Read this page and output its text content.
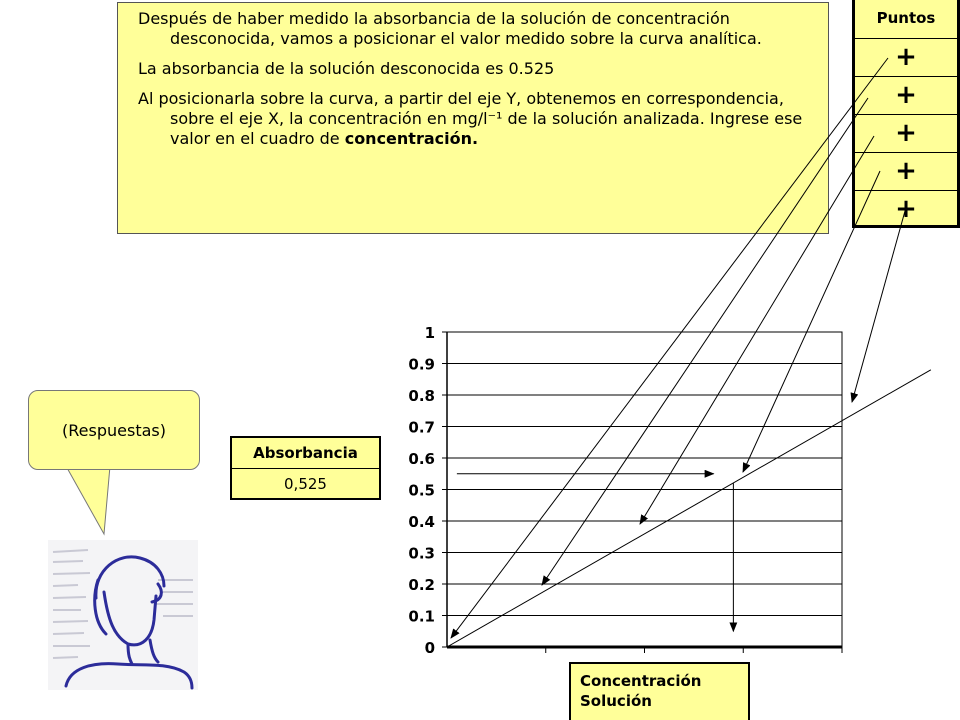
Después de haber medido la absorbancia de la solución de concentración desconocida, vamos a posicionar el valor medido sobre la curva analítica.

La absorbancia de la solución desconocida es 0.525

Al posicionarla sobre la curva, a partir del eje Y, obtenemos en correspondencia, sobre el eje X, la concentración en mg/l⁻¹ de la solución analizada. Ingrese ese valor en el cuadro de concentración.

Puntos
+
+
+
+
+
(Respuestas)
Absorbancia
0,525
0
0.1
0.2
0.3
0.4
0.5
0.6
0.7
0.8
0.9
1
Concentración
Solución
